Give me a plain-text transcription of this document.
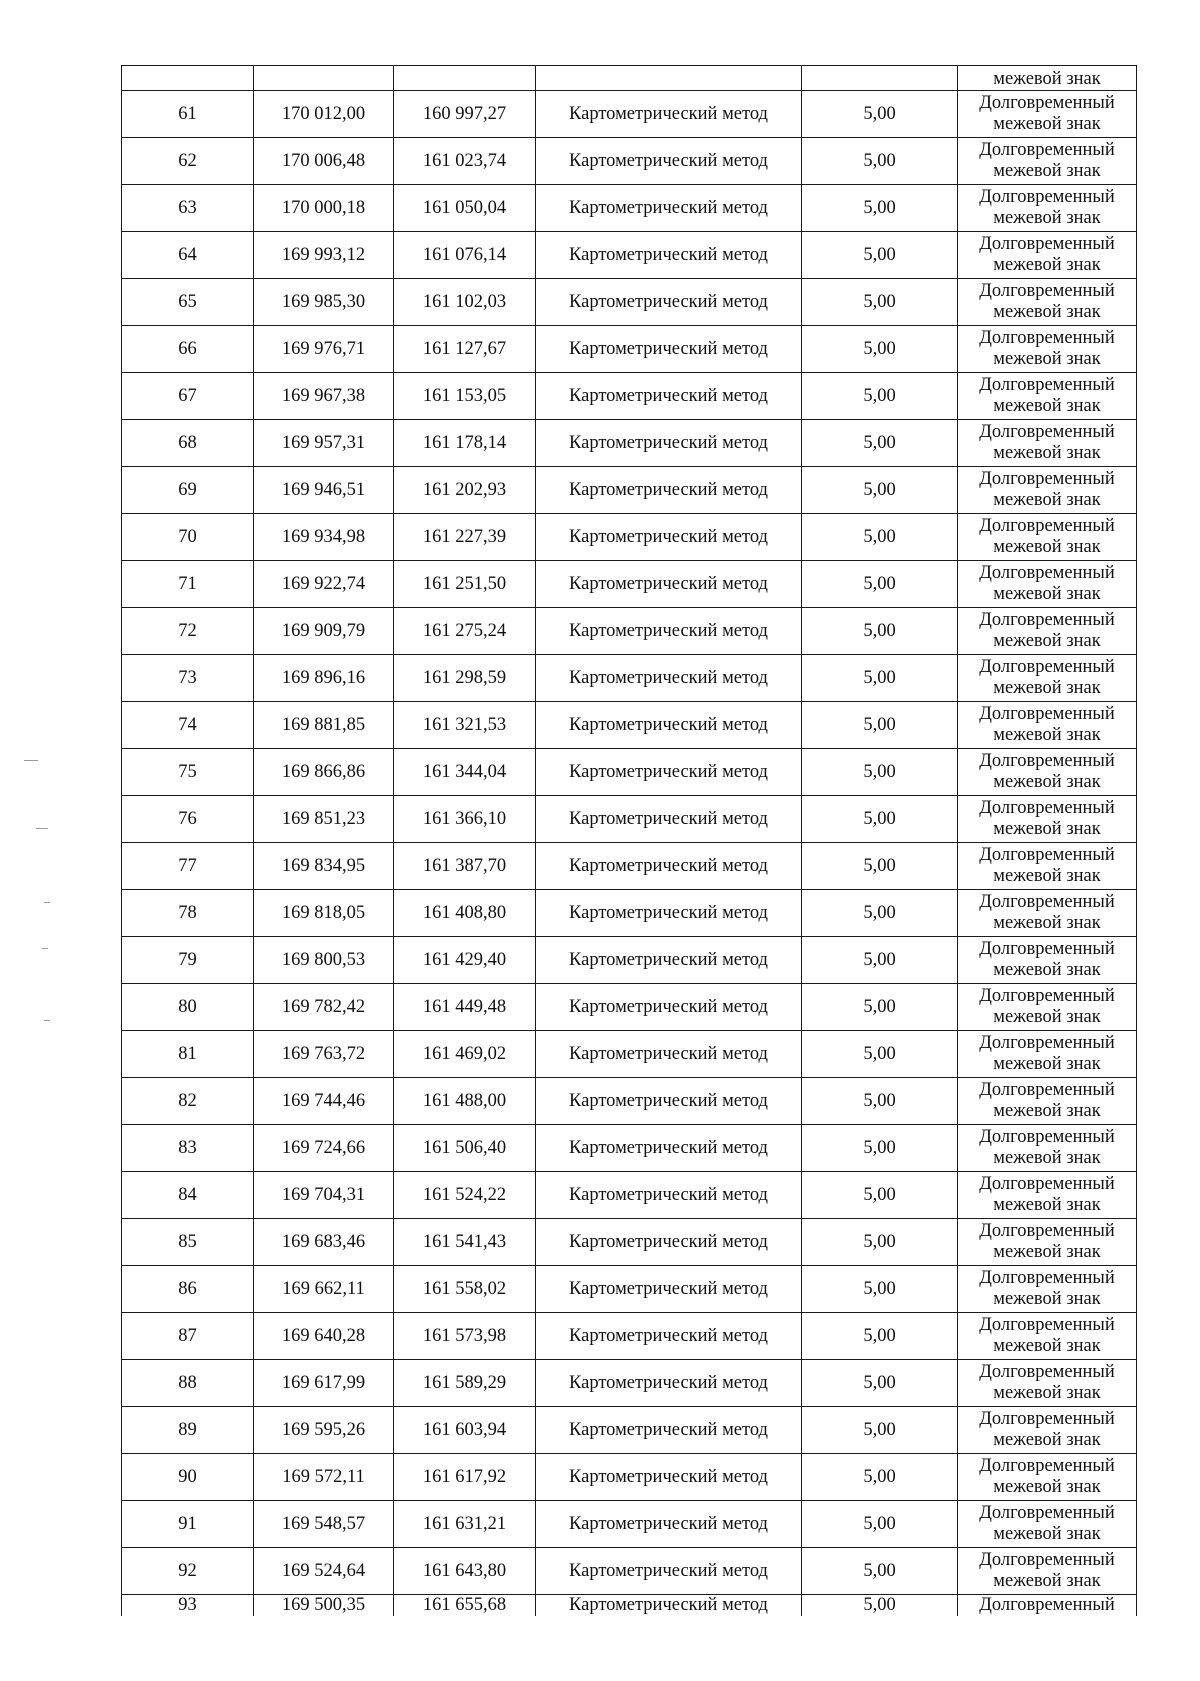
					межевой знак

61	170 012,00	160 997,27	Картометрический метод	5,00	Долговременный
межевой знак

62	170 006,48	161 023,74	Картометрический метод	5,00	Долговременный
межевой знак

63	170 000,18	161 050,04	Картометрический метод	5,00	Долговременный
межевой знак

64	169 993,12	161 076,14	Картометрический метод	5,00	Долговременный
межевой знак

65	169 985,30	161 102,03	Картометрический метод	5,00	Долговременный
межевой знак

66	169 976,71	161 127,67	Картометрический метод	5,00	Долговременный
межевой знак

67	169 967,38	161 153,05	Картометрический метод	5,00	Долговременный
межевой знак

68	169 957,31	161 178,14	Картометрический метод	5,00	Долговременный
межевой знак

69	169 946,51	161 202,93	Картометрический метод	5,00	Долговременный
межевой знак

70	169 934,98	161 227,39	Картометрический метод	5,00	Долговременный
межевой знак

71	169 922,74	161 251,50	Картометрический метод	5,00	Долговременный
межевой знак

72	169 909,79	161 275,24	Картометрический метод	5,00	Долговременный
межевой знак

73	169 896,16	161 298,59	Картометрический метод	5,00	Долговременный
межевой знак

74	169 881,85	161 321,53	Картометрический метод	5,00	Долговременный
межевой знак

75	169 866,86	161 344,04	Картометрический метод	5,00	Долговременный
межевой знак

76	169 851,23	161 366,10	Картометрический метод	5,00	Долговременный
межевой знак

77	169 834,95	161 387,70	Картометрический метод	5,00	Долговременный
межевой знак

78	169 818,05	161 408,80	Картометрический метод	5,00	Долговременный
межевой знак

79	169 800,53	161 429,40	Картометрический метод	5,00	Долговременный
межевой знак

80	169 782,42	161 449,48	Картометрический метод	5,00	Долговременный
межевой знак

81	169 763,72	161 469,02	Картометрический метод	5,00	Долговременный
межевой знак

82	169 744,46	161 488,00	Картометрический метод	5,00	Долговременный
межевой знак

83	169 724,66	161 506,40	Картометрический метод	5,00	Долговременный
межевой знак

84	169 704,31	161 524,22	Картометрический метод	5,00	Долговременный
межевой знак

85	169 683,46	161 541,43	Картометрический метод	5,00	Долговременный
межевой знак

86	169 662,11	161 558,02	Картометрический метод	5,00	Долговременный
межевой знак

87	169 640,28	161 573,98	Картометрический метод	5,00	Долговременный
межевой знак

88	169 617,99	161 589,29	Картометрический метод	5,00	Долговременный
межевой знак

89	169 595,26	161 603,94	Картометрический метод	5,00	Долговременный
межевой знак

90	169 572,11	161 617,92	Картометрический метод	5,00	Долговременный
межевой знак

91	169 548,57	161 631,21	Картометрический метод	5,00	Долговременный
межевой знак

92	169 524,64	161 643,80	Картометрический метод	5,00	Долговременный
межевой знак

93	169 500,35	161 655,68	Картометрический метод	5,00	Долговременный
